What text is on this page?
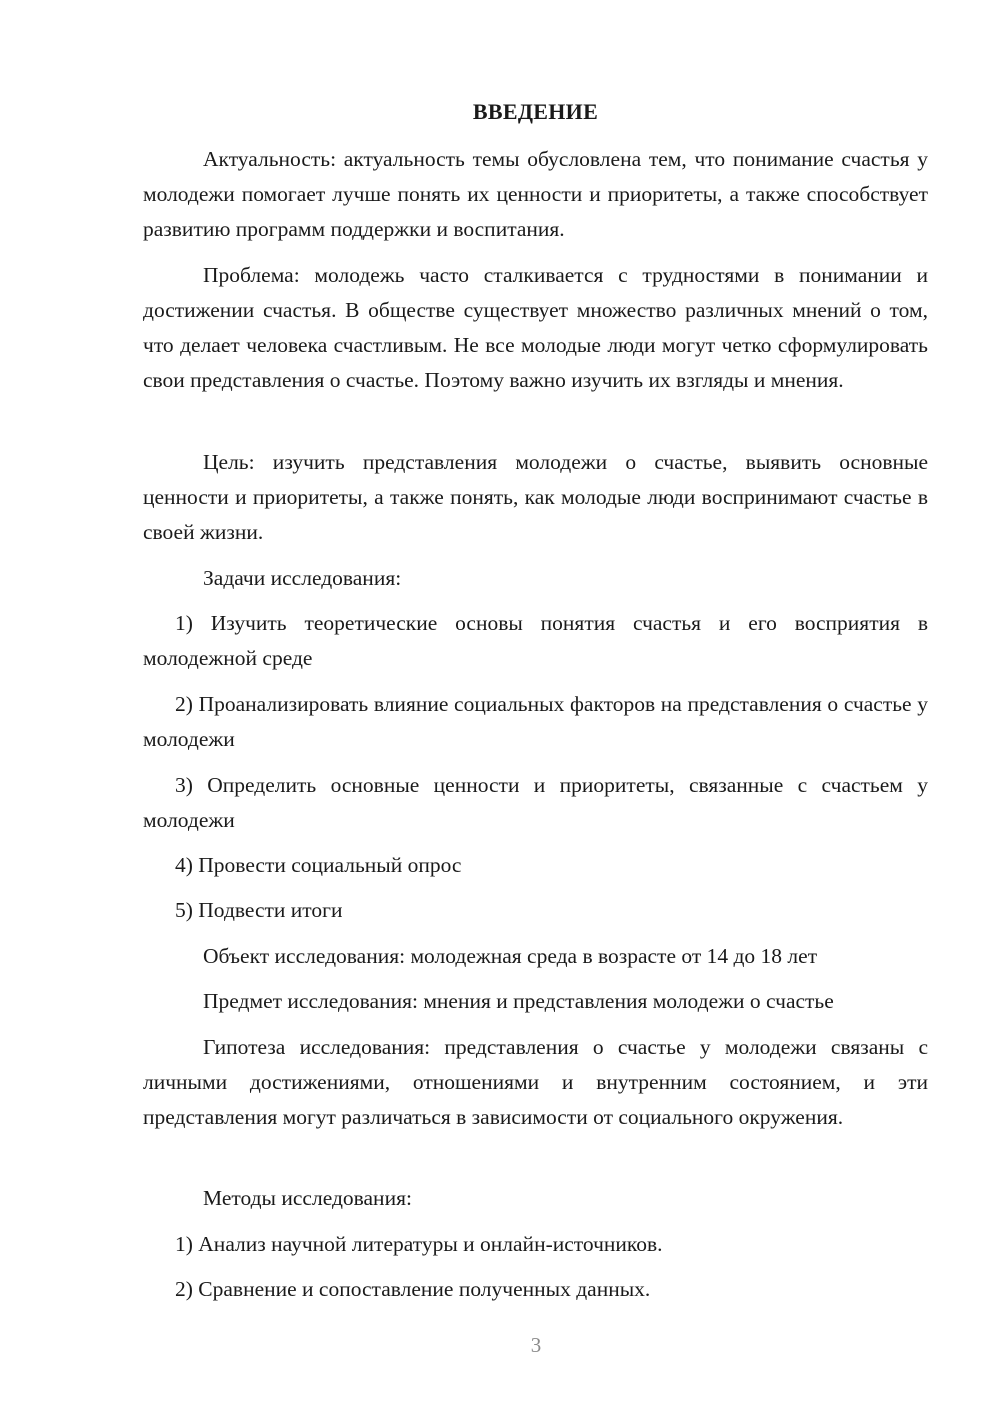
ВВЕДЕНИЕ

Актуальность: актуальность темы обусловлена тем, что понимание счастья у молодежи помогает лучше понять их ценности и приоритеты, а также способствует развитию программ поддержки и воспитания.

Проблема: молодежь часто сталкивается с трудностями в понимании и достижении счастья. В обществе существует множество различных мнений о том, что делает человека счастливым. Не все молодые люди могут четко сформулировать свои представления о счастье. Поэтому важно изучить их взгляды и мнения.

Цель: изучить представления молодежи о счастье, выявить основные ценности и приоритеты, а также понять, как молодые люди воспринимают счастье в своей жизни.

Задачи исследования:

1) Изучить теоретические основы понятия счастья и его восприятия в молодежной среде

2) Проанализировать влияние социальных факторов на представления о счастье у молодежи

3) Определить основные ценности и приоритеты, связанные с счастьем у молодежи

4) Провести социальный опрос

5) Подвести итоги

Объект исследования: молодежная среда в возрасте от 14 до 18 лет

Предмет исследования: мнения и представления молодежи о счастье

Гипотеза исследования: представления о счастье у молодежи связаны с личными достижениями, отношениями и внутренним состоянием, и эти представления могут различаться в зависимости от социального окружения.

Методы исследования:

1) Анализ научной литературы и онлайн-источников.

2) Сравнение и сопоставление полученных данных.

3
